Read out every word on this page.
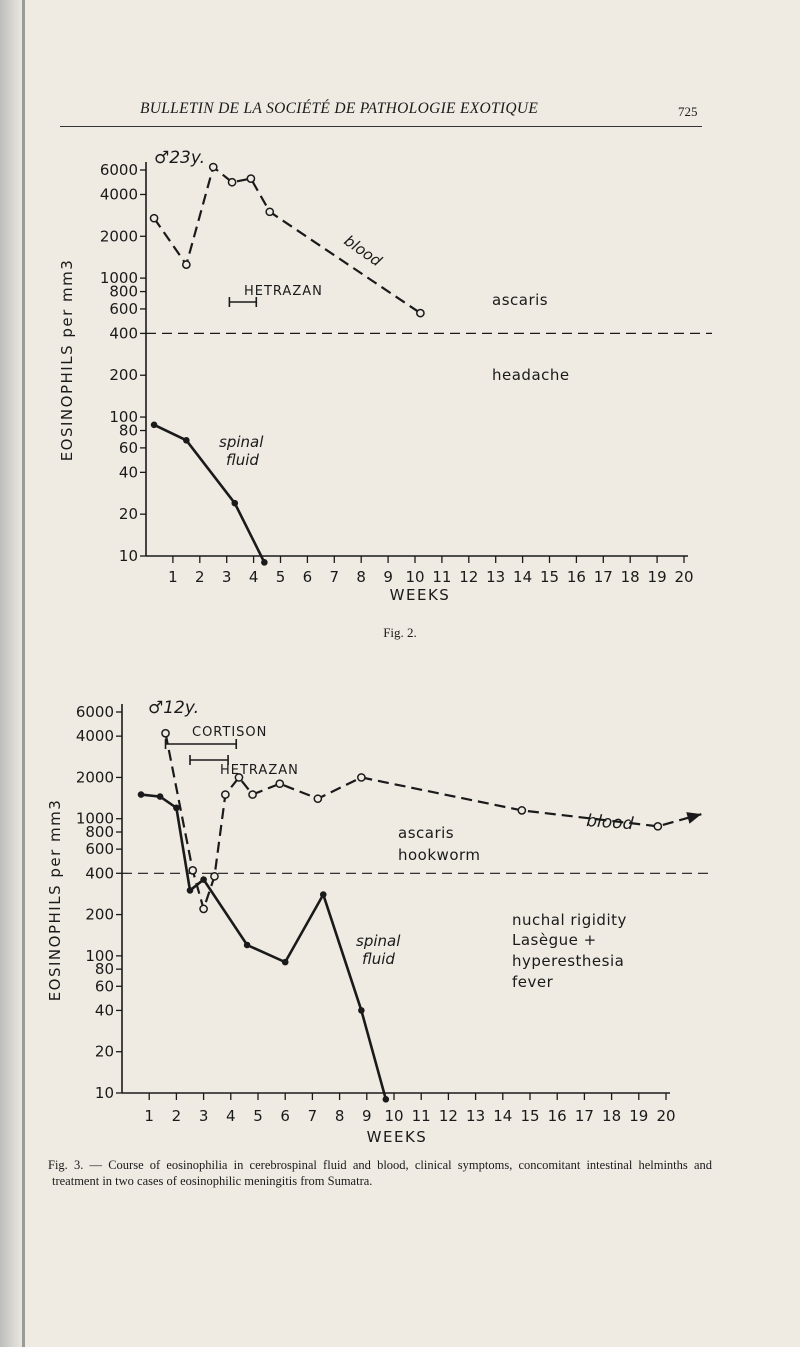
BULLETIN DE LA SOCIÉTÉ DE PATHOLOGIE EXOTIQUE	725
10
20
40
60
80
100
200
400
600
800
1000
2000
4000
6000
1 2 3 4 5 6 7 8 9 10 11 12 13 14 15 16 17 18 19 20
WEEKS
EOSINOPHILS per mm3
♂23y.
blood
spinal
fluid
HETRAZAN	ascaris
headache
10
20
40
60
80
100
200
400
600
800
1000
2000
4000
6000
1 2 3 4 5 6 7 8 9 10 11 12 13 14 15 16 17 18 19 20
WEEKS
EOSINOPHILS per mm3
♂12y.
blood
spinal
fluid
CORTISON
HETRAZAN
ascaris
hookworm
nuchal rigidity
Lasègue +
hyperesthesia
fever
Fig. 2.
Fig. 3. — Course of eosinophilia in cerebrospinal fluid and blood, clinical symptoms, concomitant intestinal helminths and treatment in two cases of eosinophilic meningitis from Sumatra.
